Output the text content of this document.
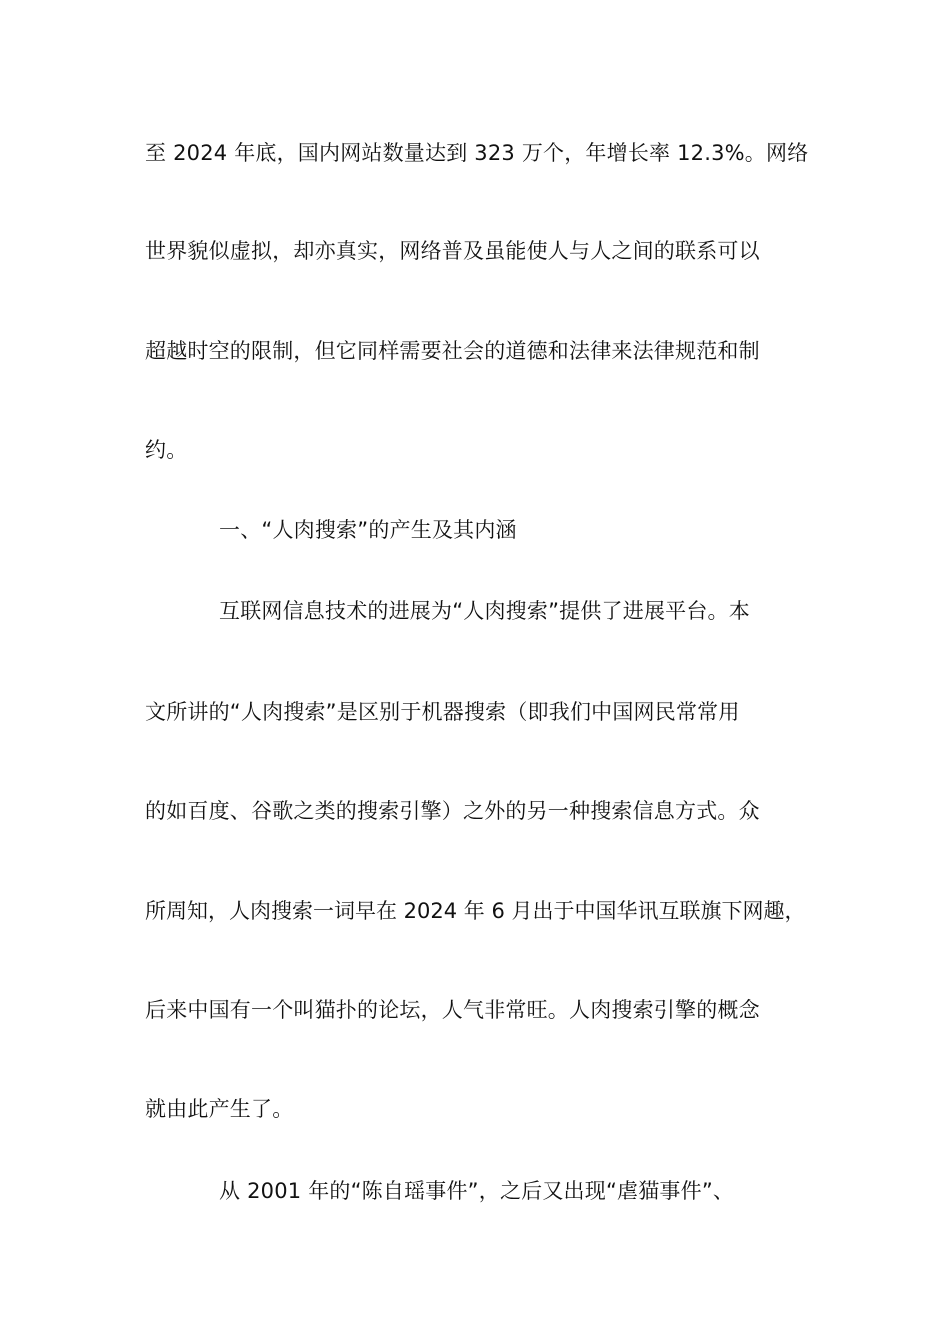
至 2024 年底，国内网站数量达到 323 万个，年增长率 12.3%。网络
世界貌似虚拟，却亦真实，网络普及虽能使人与人之间的联系可以
超越时空的限制，但它同样需要社会的道德和法律来法律规范和制
约。
一、“人肉搜索”的产生及其内涵
互联网信息技术的进展为“人肉搜索”提供了进展平台。本
文所讲的“人肉搜索”是区别于机器搜索（即我们中国网民常常用
的如百度、谷歌之类的搜索引擎）之外的另一种搜索信息方式。众
所周知，人肉搜索一词早在 2024 年 6 月出于中国华讯互联旗下网趣，
后来中国有一个叫猫扑的论坛，人气非常旺。人肉搜索引擎的概念
就由此产生了。
从 2001 年的“陈自瑶事件”，之后又出现“虐猫事件”、
